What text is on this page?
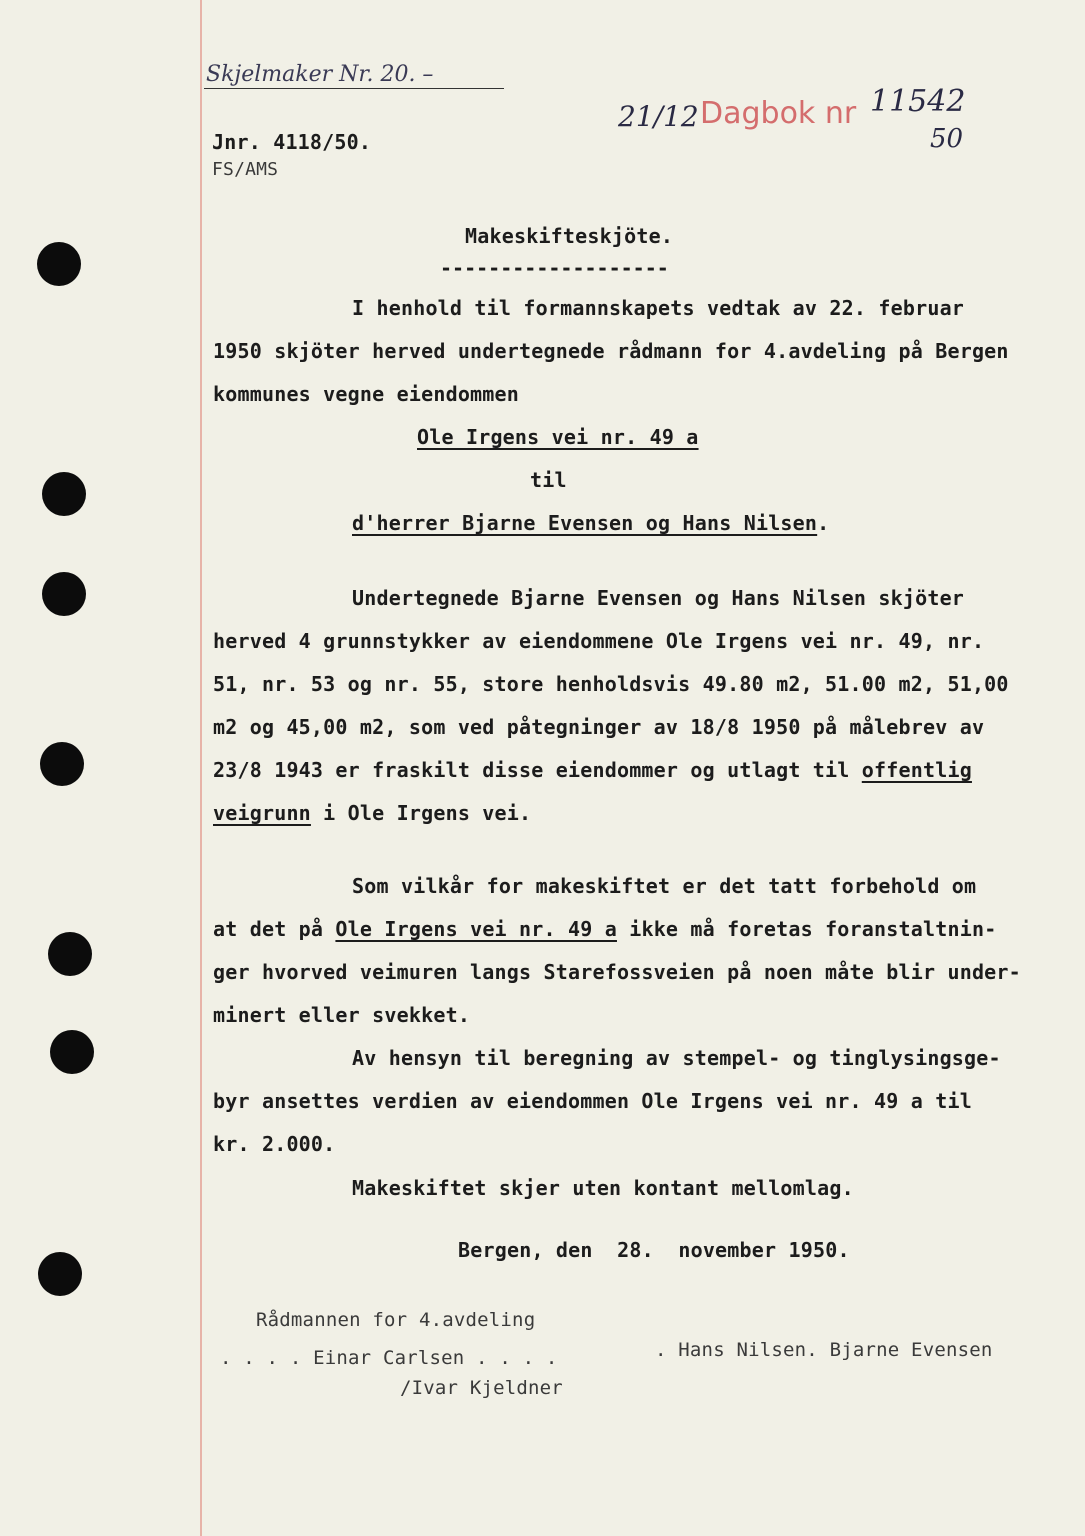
Skjelmaker Nr. 20. –
Jnr. 4118/50.
FS/AMS
21/12 Dagbok nr 11542
50
Makeskifteskjöte.
-------------------
I henhold til formannskapets vedtak av 22. februar
1950 skjöter herved undertegnede rådmann for 4.avdeling på Bergen
kommunes vegne eiendommen
Ole Irgens vei nr. 49 a
til
d'herrer Bjarne Evensen og Hans Nilsen.
Undertegnede Bjarne Evensen og Hans Nilsen skjöter
herved 4 grunnstykker av eiendommene Ole Irgens vei nr. 49, nr.
51, nr. 53 og nr. 55, store henholdsvis 49.80 m2, 51.00 m2, 51,00
m2 og 45,00 m2, som ved påtegninger av 18/8 1950 på målebrev av
23/8 1943 er fraskilt disse eiendommer og utlagt til offentlig
veigrunn i Ole Irgens vei.
Som vilkår for makeskiftet er det tatt forbehold om
at det på Ole Irgens vei nr. 49 a ikke må foretas foranstaltnin-
ger hvorved veimuren langs Starefossveien på noen måte blir under-
minert eller svekket.
Av hensyn til beregning av stempel- og tinglysingsge-
byr ansettes verdien av eiendommen Ole Irgens vei nr. 49 a til
kr. 2.000.
Makeskiftet skjer uten kontant mellomlag.
Bergen, den  28.  november 1950.
Rådmannen for 4.avdeling
. . . . Einar Carlsen . . . .	. Hans Nilsen. Bjarne Evensen
/Ivar Kjeldner
